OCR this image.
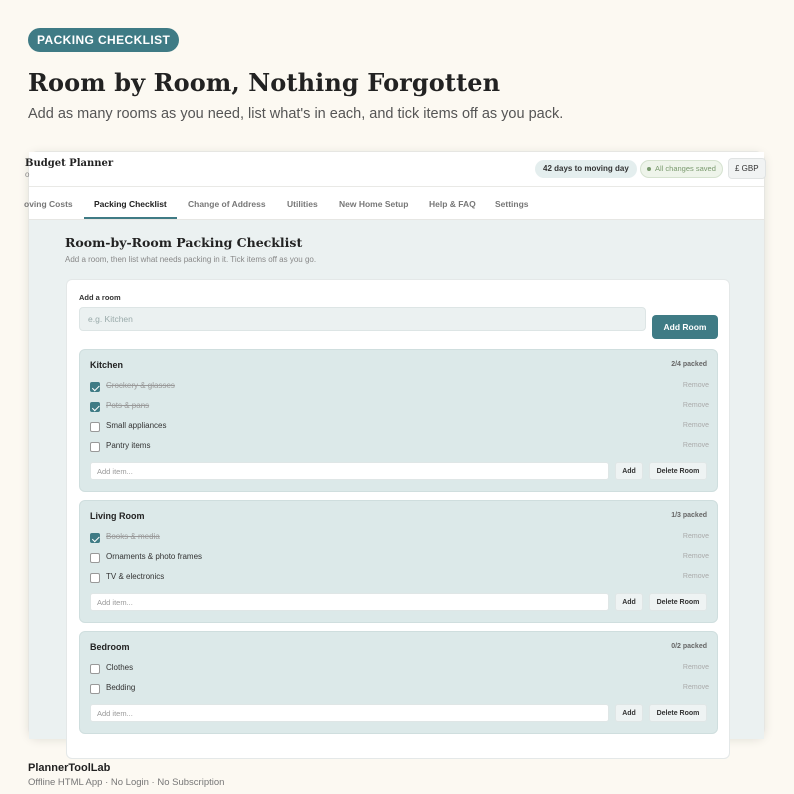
PACKING CHECKLIST
Room by Room, Nothing Forgotten

Add as many rooms as you need, list what's in each, and tick items off as you pack.

Budget Planner
o
42 days to moving day	All changes saved	£ GBP
oving Costs	Packing Checklist	Change of Address	Utilities	New Home Setup Help & FAQ Settings
Room-by-Room Packing Checklist

Add a room, then list what needs packing in it. Tick items off as you go.

Add a room
e.g. Kitchen
Add Room
Kitchen	2/4 packed
Crockery & glasses	Remove
Pots & pans	Remove
Small appliances	Remove
Pantry items	Remove
Add item...
Add	Delete Room
Living Room	1/3 packed
Books & media	Remove
Ornaments & photo frames	Remove
TV & electronics	Remove
Add item...
Add	Delete Room
Bedroom	0/2 packed
Clothes	Remove
Bedding	Remove
Add item...
Add	Delete Room
PlannerToolLab
Offline HTML App · No Login · No Subscription
